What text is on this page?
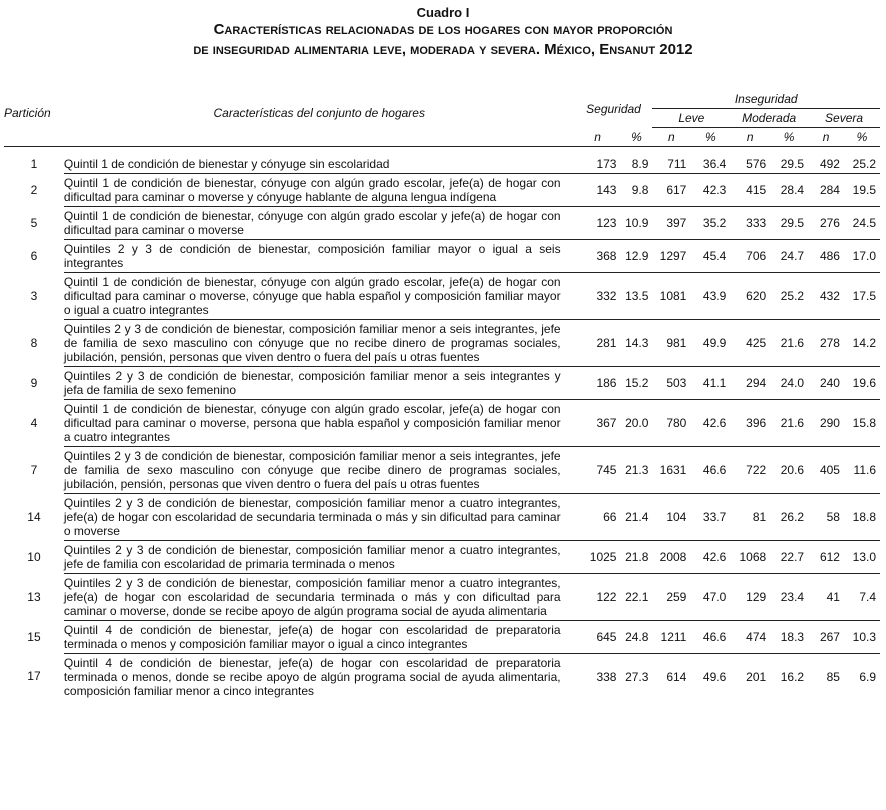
Cuadro I
Características relacionadas de los hogares con mayor proporción
de inseguridad alimentaria leve, moderada y severa. México, Ensanut 2012
Partición	Características del conjunto de hogares	Seguridad		Inseguridad					
				Leve		Moderada		Severa	
		n	%	n	%	n	%	n	%

1	Quintil 1 de condición de bienestar y cónyuge sin escolaridad	173	8.9	711	36.4	576	29.5	492	25.2
2	Quintil 1 de condición de bienestar, cónyuge con algún grado escolar, jefe(a) de hogar con dificultad para caminar o moverse y cónyuge hablante de alguna lengua indígena	143	9.8	617	42.3	415	28.4	284	19.5
5	Quintil 1 de condición de bienestar, cónyuge con algún grado escolar y jefe(a) de hogar con dificultad para caminar o moverse	123	10.9	397	35.2	333	29.5	276	24.5
6	Quintiles 2 y 3 de condición de bienestar, composición familiar mayor o igual a seis integrantes	368	12.9	1297	45.4	706	24.7	486	17.0
3	Quintil 1 de condición de bienestar, cónyuge con algún grado escolar, jefe(a) de hogar con dificultad para caminar o moverse, cónyuge que habla español y composición familiar mayor o igual a cuatro integrantes	332	13.5	1081	43.9	620	25.2	432	17.5
8	Quintiles 2 y 3 de condición de bienestar, composición familiar menor a seis integrantes, jefe de familia de sexo masculino con cónyuge que no recibe dinero de programas sociales, jubilación, pensión, personas que viven dentro o fuera del país u otras fuentes	281	14.3	981	49.9	425	21.6	278	14.2
9	Quintiles 2 y 3 de condición de bienestar, composición familiar menor a seis integrantes y jefa de familia de sexo femenino	186	15.2	503	41.1	294	24.0	240	19.6
4	Quintil 1 de condición de bienestar, cónyuge con algún grado escolar, jefe(a) de hogar con dificultad para caminar o moverse, persona que habla español y composición familiar menor a cuatro integrantes	367	20.0	780	42.6	396	21.6	290	15.8
7	Quintiles 2 y 3 de condición de bienestar, composición familiar menor a seis integrantes, jefe de familia de sexo masculino con cónyuge que recibe dinero de programas sociales, jubilación, pensión, personas que viven dentro o fuera del país u otras fuentes	745	21.3	1631	46.6	722	20.6	405	11.6
14	Quintiles 2 y 3 de condición de bienestar, composición familiar menor a cuatro integrantes, jefe(a) de hogar con escolaridad de secundaria terminada o más y sin dificultad para caminar o moverse	66	21.4	104	33.7	81	26.2	58	18.8
10	Quintiles 2 y 3 de condición de bienestar, composición familiar menor a cuatro integrantes, jefe de familia con escolaridad de primaria terminada o menos	1025	21.8	2008	42.6	1068	22.7	612	13.0
13	Quintiles 2 y 3 de condición de bienestar, composición familiar menor a cuatro integrantes, jefe(a) de hogar con escolaridad de secundaria terminada o más y con dificultad para caminar o moverse, donde se recibe apoyo de algún programa social de ayuda alimentaria	122	22.1	259	47.0	129	23.4	41	7.4
15	Quintil 4 de condición de bienestar, jefe(a) de hogar con escolaridad de preparatoria terminada o menos y composición familiar mayor o igual a cinco integrantes	645	24.8	1211	46.6	474	18.3	267	10.3
17	Quintil 4 de condición de bienestar, jefe(a) de hogar con escolaridad de preparatoria terminada o menos, donde se recibe apoyo de algún programa social de ayuda alimentaria, composición familiar menor a cinco integrantes	338	27.3	614	49.6	201	16.2	85	6.9
